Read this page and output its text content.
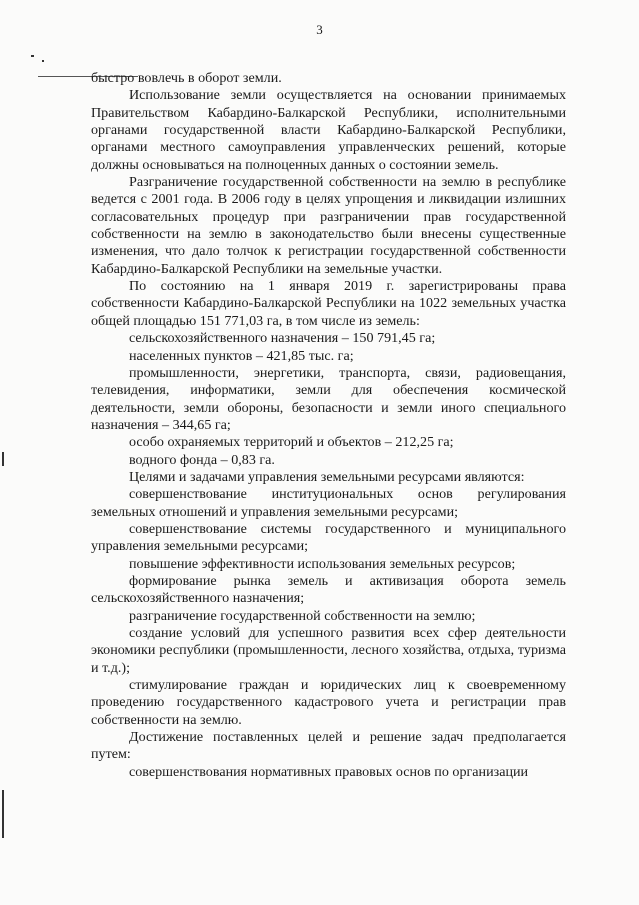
3

быстро вовлечь в оборот земли.

Использование земли осуществляется на основании принимаемых Правительством Кабардино-Балкарской Республики, исполнительными органами государственной власти Кабардино-Балкарской Республики, органами местного самоуправления управленческих решений, которые должны основываться на полноценных данных о состоянии земель.

Разграничение государственной собственности на землю в республике ведется с 2001 года. В 2006 году в целях упрощения и ликвидации излишних согласовательных процедур при разграничении прав государственной собственности на землю в законодательство были внесены существенные изменения, что дало толчок к регистрации государственной собственности Кабардино-Балкарской Республики на земельные участки.

По состоянию на 1 января 2019 г. зарегистрированы права собственности Кабардино-Балкарской Республики на 1022 земельных участка общей площадью 151 771,03 га, в том числе из земель:

сельскохозяйственного назначения – 150 791,45 га;

населенных пунктов – 421,85 тыс. га;

промышленности, энергетики, транспорта, связи, радиовещания, телевидения, информатики, земли для обеспечения космической деятельности, земли обороны, безопасности и земли иного специального назначения – 344,65 га;

особо охраняемых территорий и объектов – 212,25 га;

водного фонда – 0,83 га.

Целями и задачами управления земельными ресурсами являются:

совершенствование институциональных основ регулирования земельных отношений и управления земельными ресурсами;

совершенствование системы государственного и муниципального управления земельными ресурсами;

повышение эффективности использования земельных ресурсов;

формирование рынка земель и активизация оборота земель сельскохозяйственного назначения;

разграничение государственной собственности на землю;

создание условий для успешного развития всех сфер деятельности экономики республики (промышленности, лесного хозяйства, отдыха, туризма и т.д.);

стимулирование граждан и юридических лиц к своевременному проведению государственного кадастрового учета и регистрации прав собственности на землю.

Достижение поставленных целей и решение задач предполагается путем:

совершенствования нормативных правовых основ по организации
